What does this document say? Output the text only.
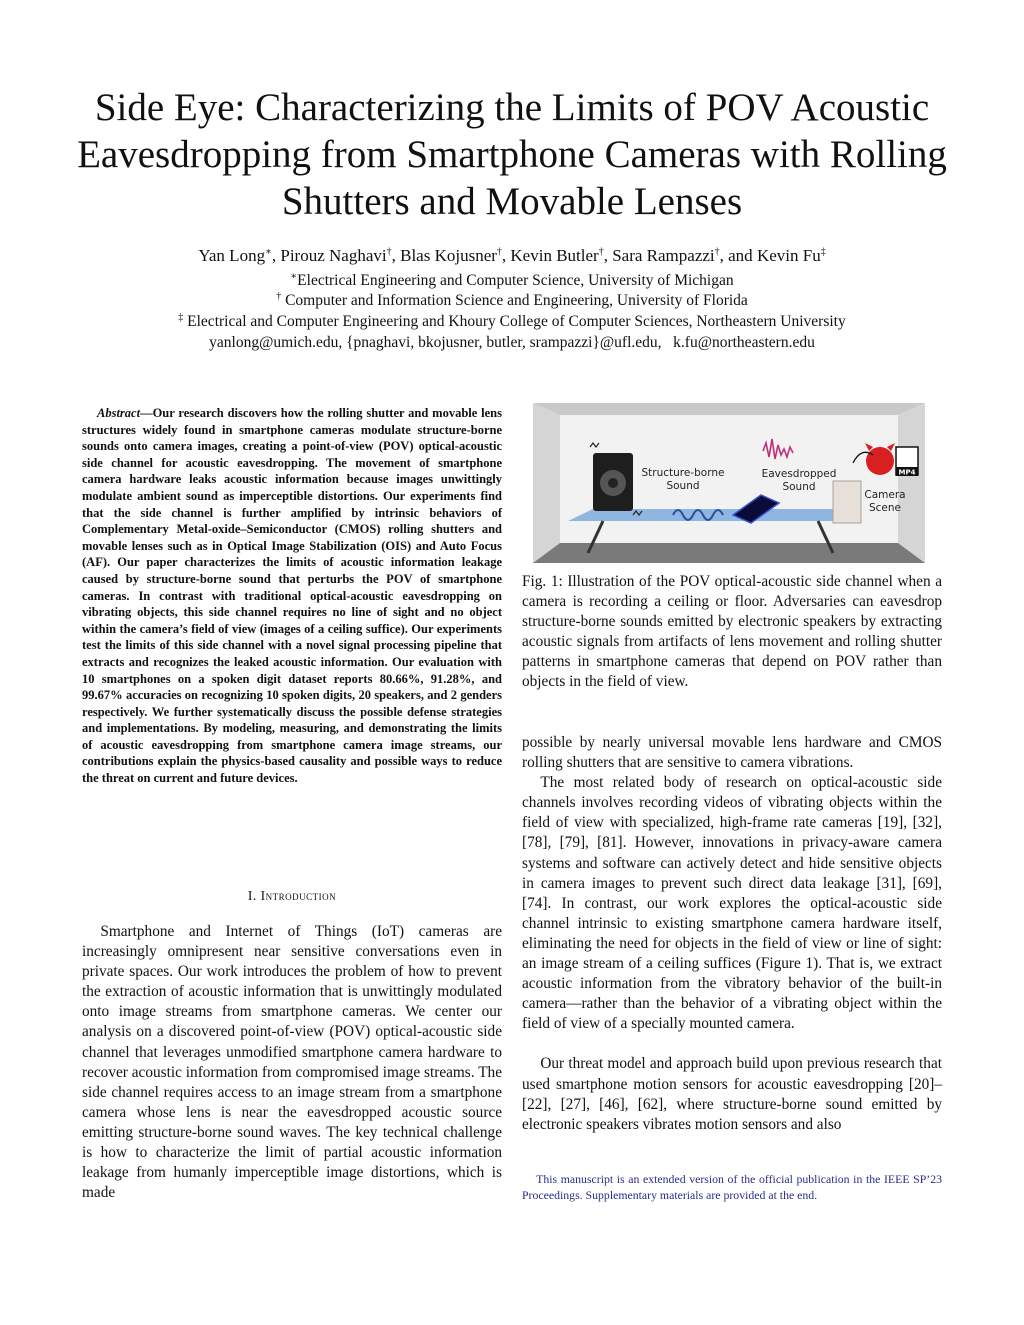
Side Eye: Characterizing the Limits of POV Acoustic Eavesdropping from Smartphone Cameras with Rolling Shutters and Movable Lenses
Yan Long∗, Pirouz Naghavi†, Blas Kojusner†, Kevin Butler†, Sara Rampazzi†, and Kevin Fu‡
∗Electrical Engineering and Computer Science, University of Michigan
† Computer and Information Science and Engineering, University of Florida
‡ Electrical and Computer Engineering and Khoury College of Computer Sciences, Northeastern University
yanlong@umich.edu, {pnaghavi, bkojusner, butler, srampazzi}@ufl.edu,   k.fu@northeastern.edu
Abstract—Our research discovers how the rolling shutter and movable lens structures widely found in smartphone cameras modulate structure-borne sounds onto camera images, creating a point-of-view (POV) optical-acoustic side channel for acoustic eavesdropping. The movement of smartphone camera hardware leaks acoustic information because images unwittingly modulate ambient sound as imperceptible distortions. Our experiments find that the side channel is further amplified by intrinsic behaviors of Complementary Metal-oxide–Semiconductor (CMOS) rolling shutters and movable lenses such as in Optical Image Stabilization (OIS) and Auto Focus (AF). Our paper characterizes the limits of acoustic information leakage caused by structure-borne sound that perturbs the POV of smartphone cameras. In contrast with traditional optical-acoustic eavesdropping on vibrating objects, this side channel requires no line of sight and no object within the camera’s field of view (images of a ceiling suffice). Our experiments test the limits of this side channel with a novel signal processing pipeline that extracts and recognizes the leaked acoustic information. Our evaluation with 10 smartphones on a spoken digit dataset reports 80.66%, 91.28%, and 99.67% accuracies on recognizing 10 spoken digits, 20 speakers, and 2 genders respectively. We further systematically discuss the possible defense strategies and implementations. By modeling, measuring, and demonstrating the limits of acoustic eavesdropping from smartphone camera image streams, our contributions explain the physics-based causality and possible ways to reduce the threat on current and future devices.
I. Introduction

Smartphone and Internet of Things (IoT) cameras are increasingly omnipresent near sensitive conversations even in private spaces. Our work introduces the problem of how to prevent the extraction of acoustic information that is unwittingly modulated onto image streams from smartphone cameras. We center our analysis on a discovered point-of-view (POV) optical-acoustic side channel that leverages unmodified smartphone camera hardware to recover acoustic information from compromised image streams. The side channel requires access to an image stream from a smartphone camera whose lens is near the eavesdropped acoustic source emitting structure-borne sound waves. The key technical challenge is how to characterize the limit of partial acoustic information leakage from humanly imperceptible image distortions, which is made

Structure-borne
Sound
Eavesdropped
Sound
MP4
Camera
Scene
Fig. 1: Illustration of the POV optical-acoustic side channel when a camera is recording a ceiling or floor. Adversaries can eavesdrop structure-borne sounds emitted by electronic speakers by extracting acoustic signals from artifacts of lens movement and rolling shutter patterns in smartphone cameras that depend on POV rather than objects in the field of view.

possible by nearly universal movable lens hardware and CMOS rolling shutters that are sensitive to camera vibrations.

The most related body of research on optical-acoustic side channels involves recording videos of vibrating objects within the field of view with specialized, high-frame rate cameras [19], [32], [78], [79], [81]. However, innovations in privacy-aware camera systems and software can actively detect and hide sensitive objects in camera images to prevent such direct data leakage [31], [69], [74]. In contrast, our work explores the optical-acoustic side channel intrinsic to existing smartphone camera hardware itself, eliminating the need for objects in the field of view or line of sight: an image stream of a ceiling suffices (Figure 1). That is, we extract acoustic information from the vibratory behavior of the built-in camera—rather than the behavior of a vibrating object within the field of view of a specially mounted camera.

Our threat model and approach build upon previous research that used smartphone motion sensors for acoustic eavesdropping [20]–[22], [27], [46], [62], where structure-borne sound emitted by electronic speakers vibrates motion sensors and also

This manuscript is an extended version of the official publication in the IEEE SP’23 Proceedings. Supplementary materials are provided at the end.
